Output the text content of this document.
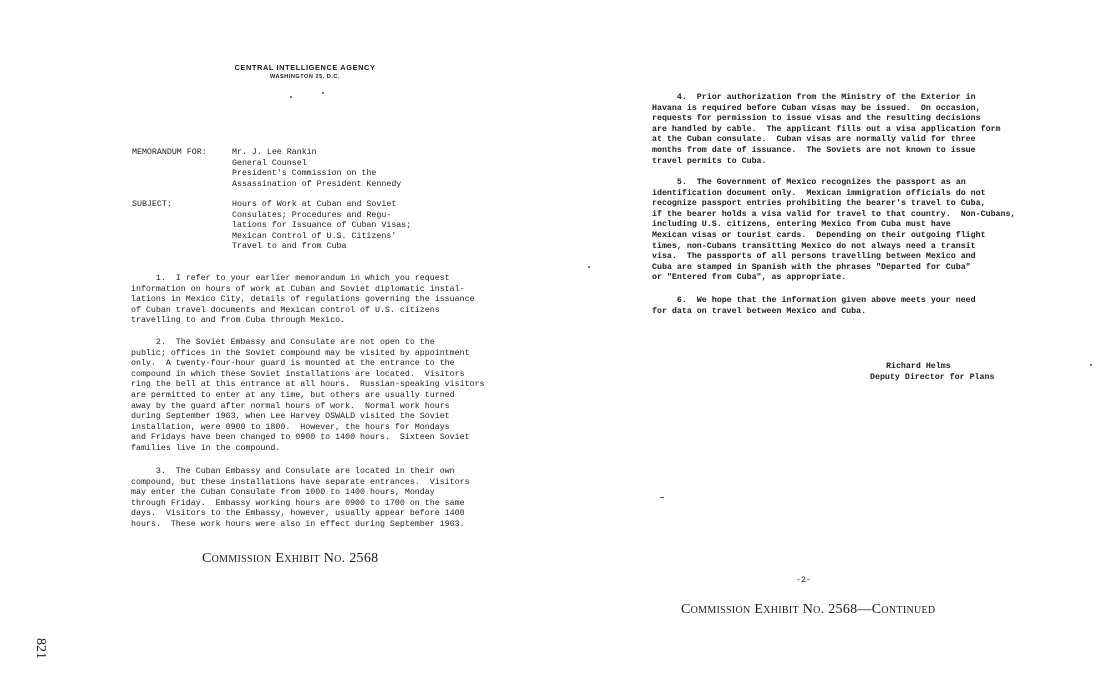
CENTRAL INTELLIGENCE AGENCY
WASHINGTON 25, D.C.
MEMORANDUM FOR:	Mr. J. Lee Rankin
General Counsel
President's Commission on the
Assassination of President Kennedy
SUBJECT:	Hours of Work at Cuban and Soviet
Consulates; Procedures and Regu-
lations for Issuance of Cuban Visas;
Mexican Control of U.S. Citizens'
Travel to and from Cuba
1.  I refer to your earlier memorandum in which you request
information on hours of work at Cuban and Soviet diplomatic instal-
lations in Mexico City, details of regulations governing the issuance
of Cuban travel documents and Mexican control of U.S. citizens
travelling to and from Cuba through Mexico.
2.  The Soviet Embassy and Consulate are not open to the
public; offices in the Soviet compound may be visited by appointment
only.  A twenty-four-hour guard is mounted at the entrance to the
compound in which these Soviet installations are located.  Visitors
ring the bell at this entrance at all hours.  Russian-speaking visitors
are permitted to enter at any time, but others are usually turned
away by the guard after normal hours of work.  Normal work hours
during September 1963, when Lee Harvey OSWALD visited the Soviet
installation, were 0900 to 1800.  However, the hours for Mondays
and Fridays have been changed to 0900 to 1400 hours.  Sixteen Soviet
families live in the compound.
3.  The Cuban Embassy and Consulate are located in their own
compound, but these installations have separate entrances.  Visitors
may enter the Cuban Consulate from 1000 to 1400 hours, Monday
through Friday.  Embassy working hours are 0900 to 1700 on the same
days.  Visitors to the Embassy, however, usually appear before 1400
hours.  These work hours were also in effect during September 1963.
Commission Exhibit No. 2568
821
4.  Prior authorization from the Ministry of the Exterior in
Havana is required before Cuban visas may be issued.  On occasion,
requests for permission to issue visas and the resulting decisions
are handled by cable.  The applicant fills out a visa application form
at the Cuban consulate.  Cuban visas are normally valid for three
months from date of issuance.  The Soviets are not known to issue
travel permits to Cuba.
5.  The Government of Mexico recognizes the passport as an
identification document only.  Mexican immigration officials do not
recognize passport entries prohibiting the bearer's travel to Cuba,
if the bearer holds a visa valid for travel to that country.  Non-Cubans,
including U.S. citizens, entering Mexico from Cuba must have
Mexican visas or tourist cards.  Depending on their outgoing flight
times, non-Cubans transitting Mexico do not always need a transit
visa.  The passports of all persons travelling between Mexico and
Cuba are stamped in Spanish with the phrases "Departed for Cuba"
or "Entered from Cuba", as appropriate.
6.  We hope that the information given above meets your need
for data on travel between Mexico and Cuba.
Richard Helms
Deputy Director for Plans
-2-
Commission Exhibit No. 2568—Continued
